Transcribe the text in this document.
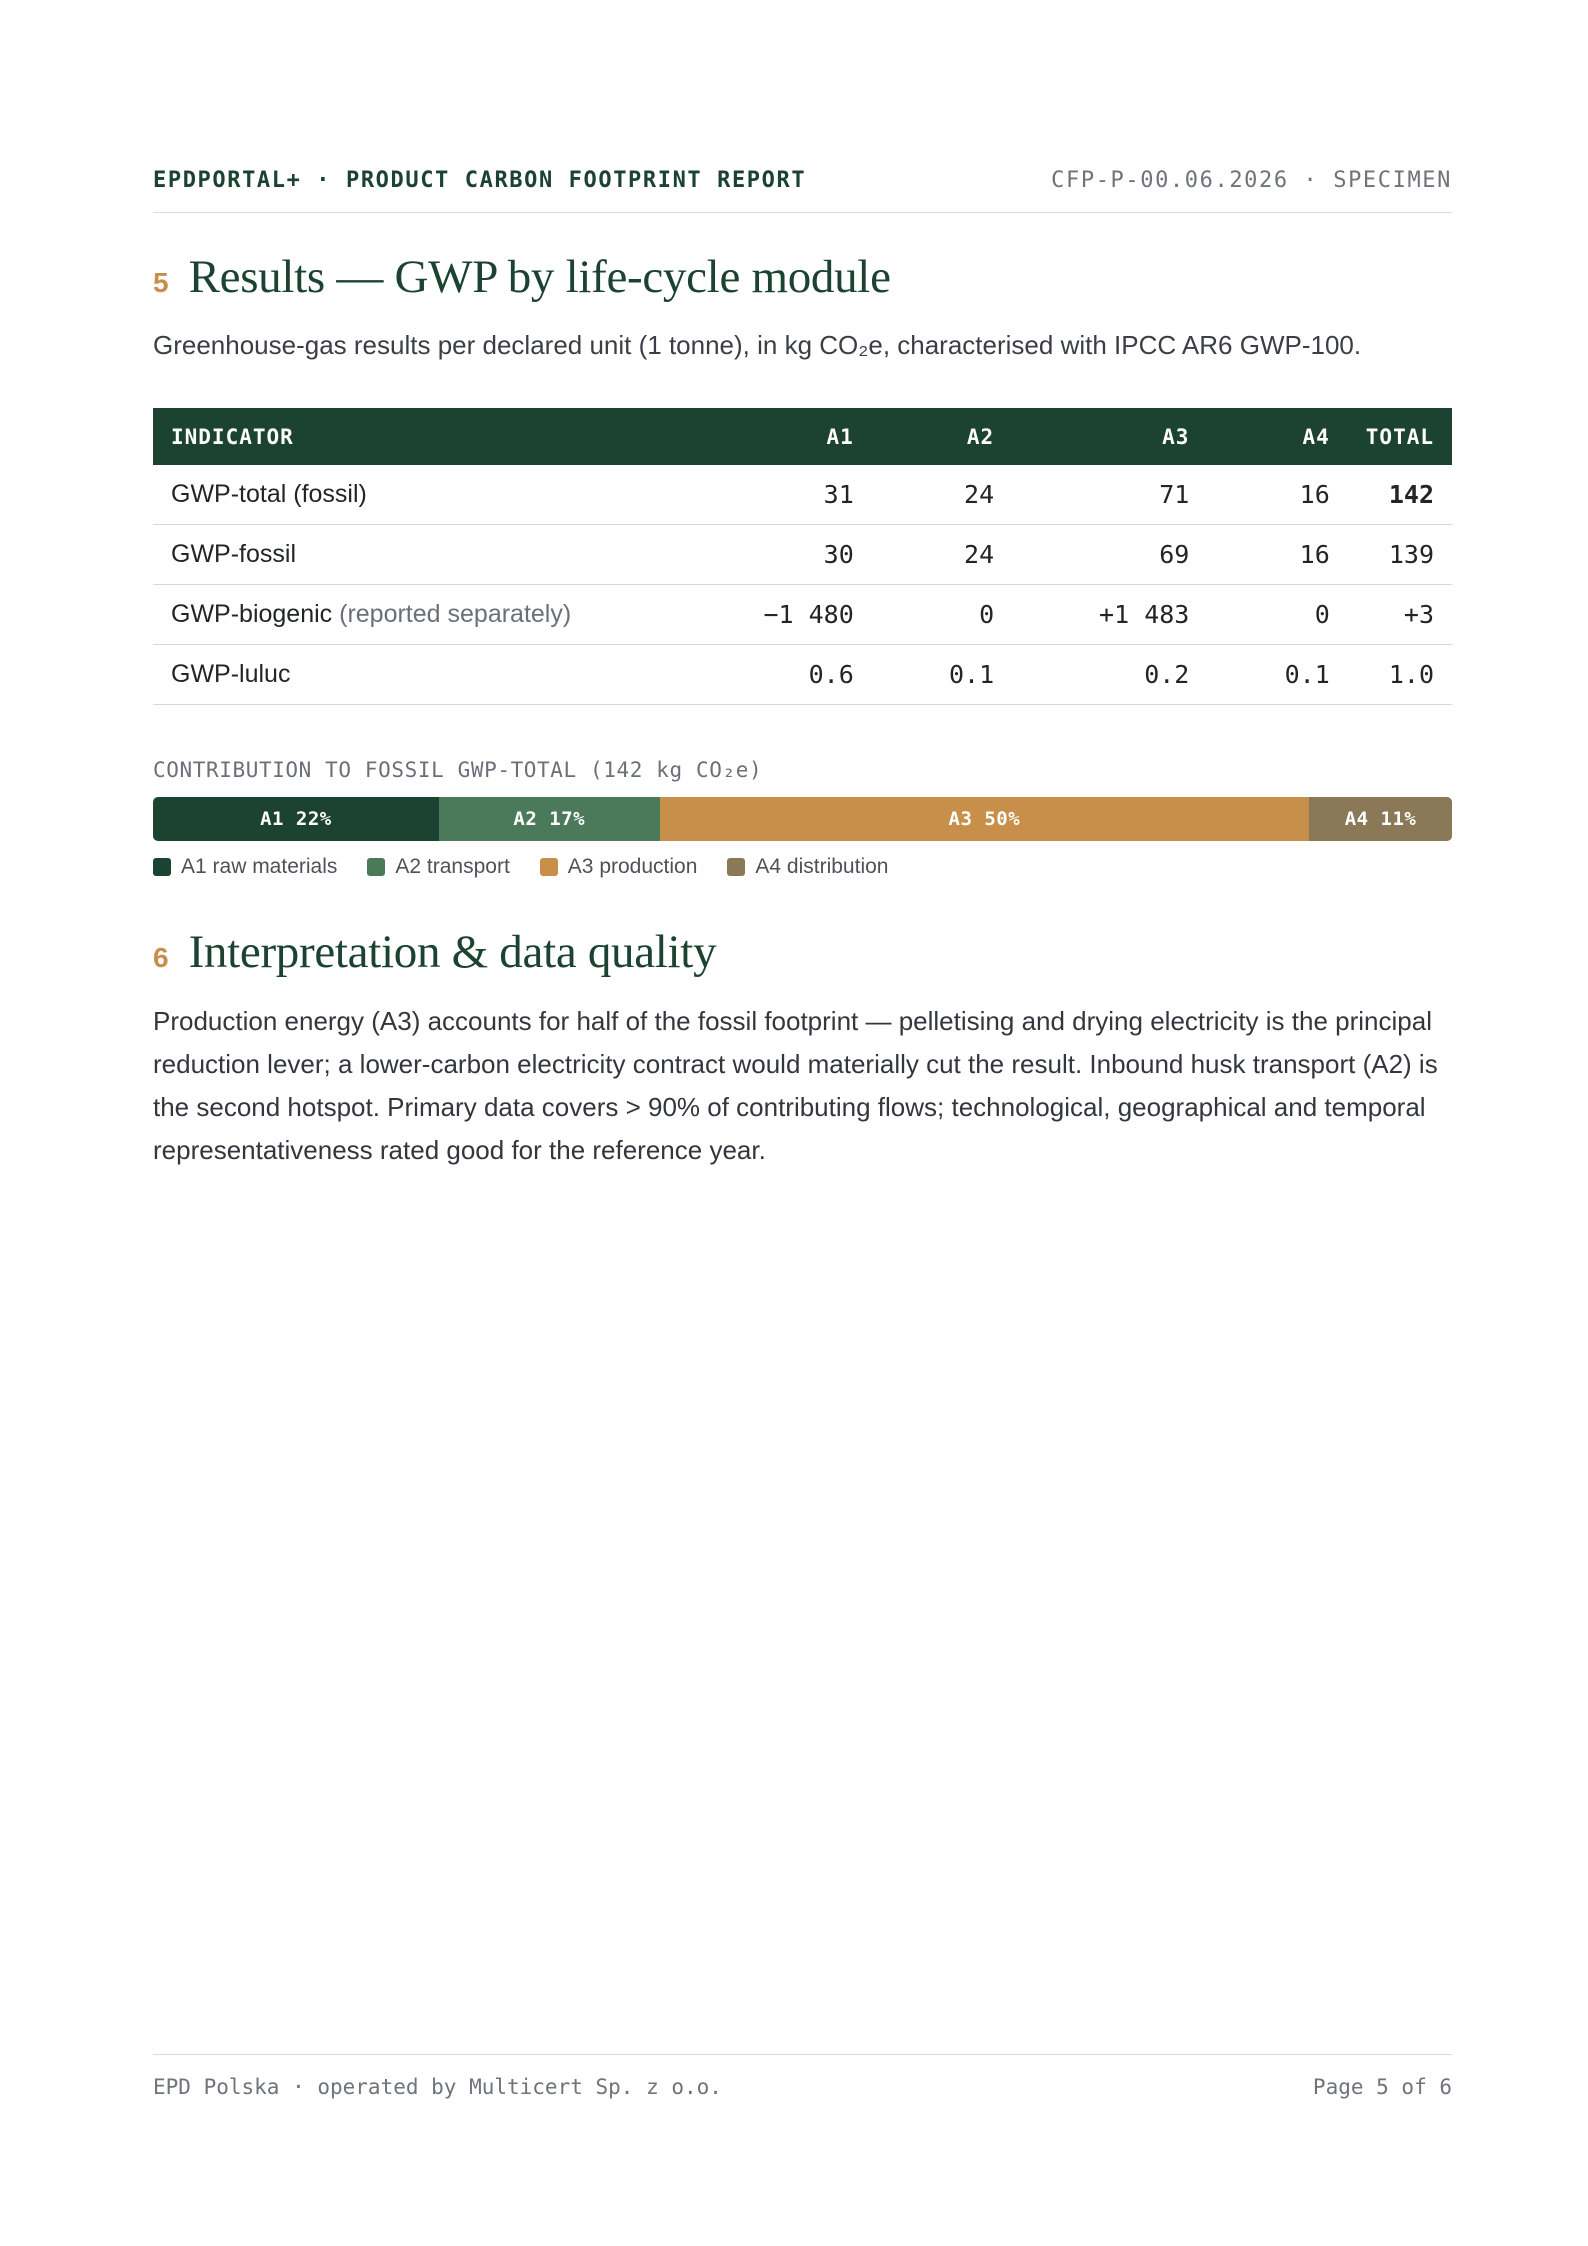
EPDPORTAL+ · PRODUCT CARBON FOOTPRINT REPORT	CFP-P-00.06.2026 · SPECIMEN
5 Results — GWP by life-cycle module
Greenhouse-gas results per declared unit (1 tonne), in kg CO₂e, characterised with IPCC AR6 GWP-100.
INDICATOR	A1	A2	A3	A4	TOTAL
GWP-total (fossil)	31	24	71	16	142
GWP-fossil	30	24	69	16	139
GWP-biogenic (reported separately)	−1 480	0	+1 483	0	+3
GWP-luluc	0.6	0.1	0.2	0.1	1.0
CONTRIBUTION TO FOSSIL GWP-TOTAL (142 kg CO₂e)
A1 22%	A2 17%	A3 50%	A4 11%
A1 raw materials	A2 transport	A3 production	A4 distribution
6 Interpretation & data quality

Production energy (A3) accounts for half of the fossil footprint — pelletising and drying electricity is the principal reduction lever; a lower-carbon electricity contract would materially cut the result. Inbound husk transport (A2) is the second hotspot. Primary data covers > 90% of contributing flows; technological, geographical and temporal representativeness rated good for the reference year.

EPD Polska · operated by Multicert Sp. z o.o.	Page 5 of 6
